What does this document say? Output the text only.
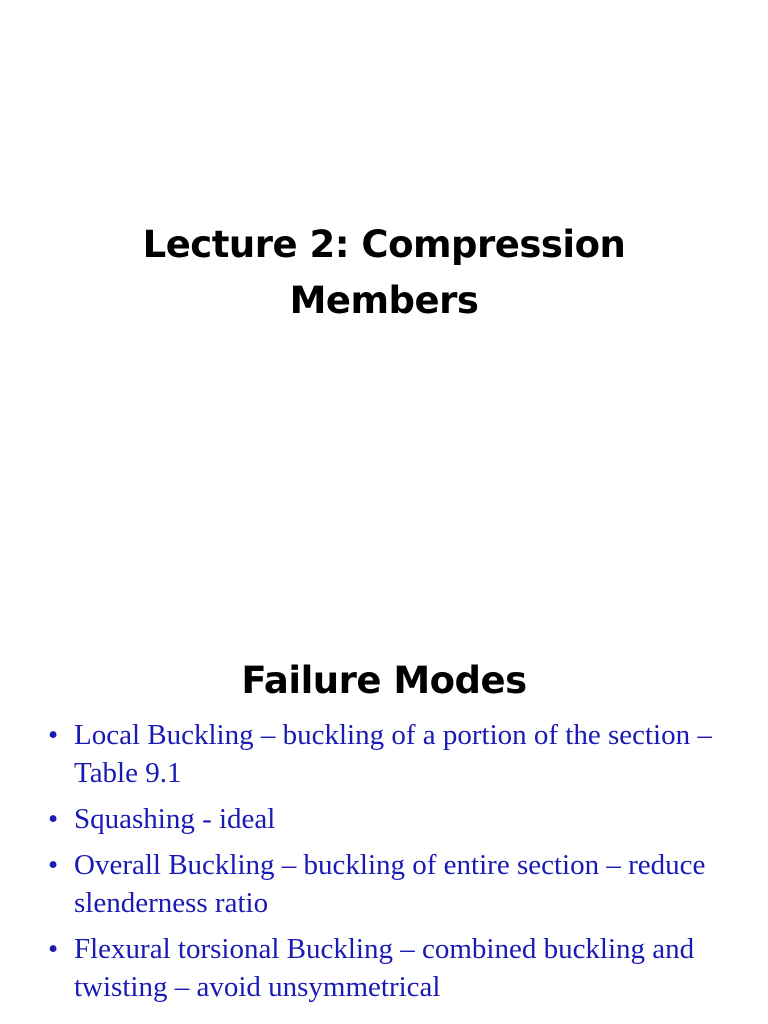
Lecture 2: Compression
Members
Failure Modes
• Local Buckling – buckling of a portion of the section – Table 9.1
• Squashing - ideal
• Overall Buckling – buckling of entire section – reduce slenderness ratio
• Flexural torsional Buckling – combined buckling and twisting – avoid unsymmetrical
